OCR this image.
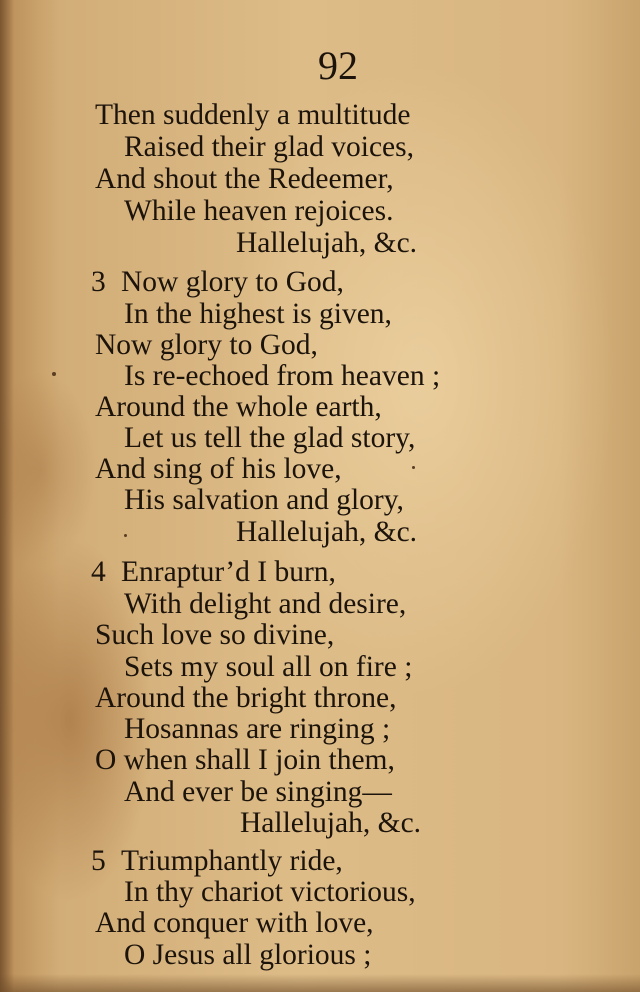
92
Then suddenly a multitude
Raised their glad voices,
And shout the Redeemer,
While heaven rejoices.
Hallelujah, &c.
3 Now glory to God,
In the highest is given,
Now glory to God,
Is re-echoed from heaven ;
Around the whole earth,
Let us tell the glad story,
And sing of his love,
His salvation and glory,
Hallelujah, &c.
4 Enraptur’d I burn,
With delight and desire,
Such love so divine,
Sets my soul all on fire ;
Around the bright throne,
Hosannas are ringing ;
O when shall I join them,
And ever be singing—
Hallelujah, &c.
5 Triumphantly ride,
In thy chariot victorious,
And conquer with love,
O Jesus all glorious ;
